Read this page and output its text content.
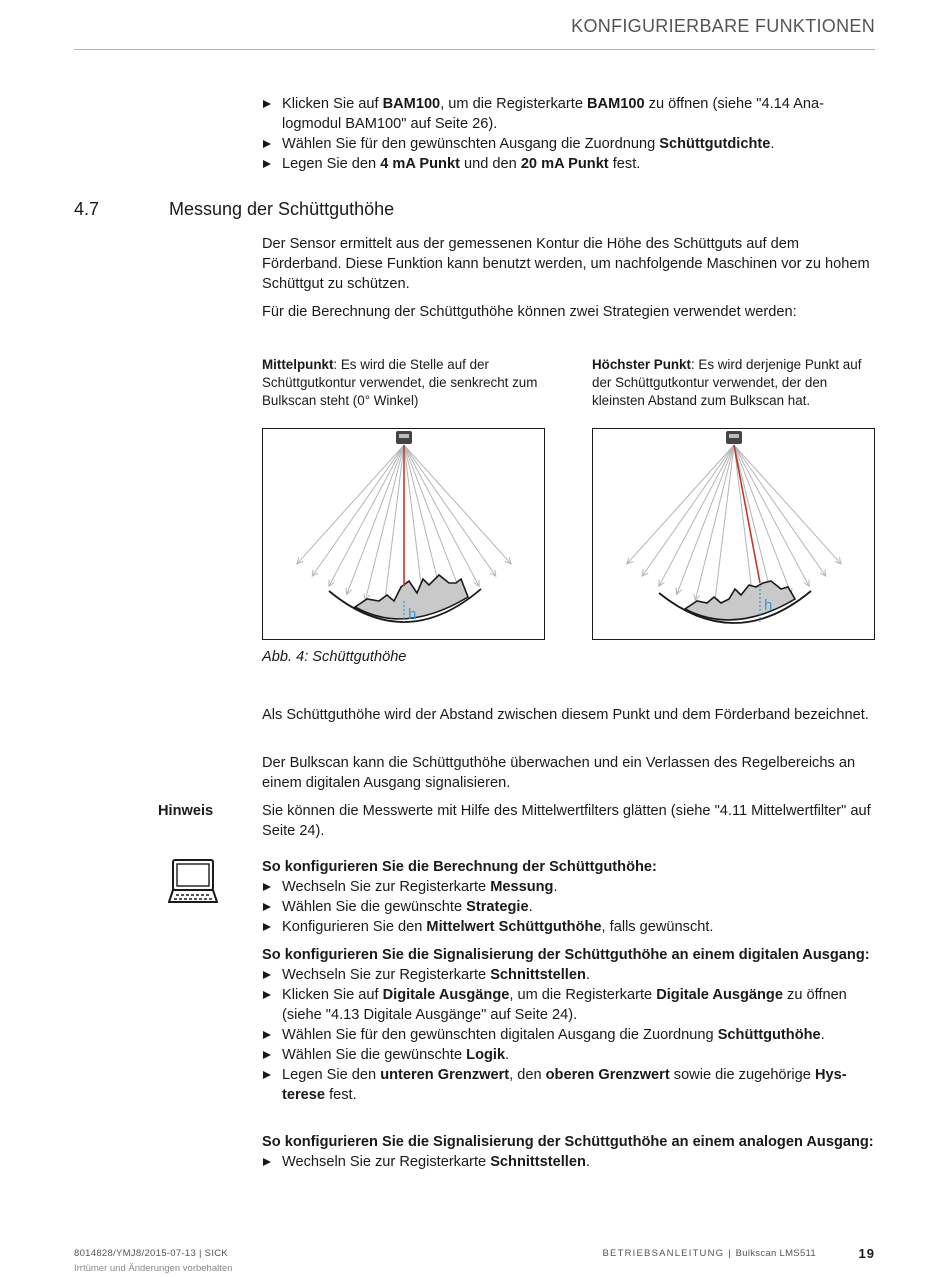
KONFIGURIERBARE FUNKTIONEN
Klicken Sie auf BAM100, um die Registerkarte BAM100 zu öffnen (siehe "4.14 Analogmodul BAM100" auf Seite 26).
Wählen Sie für den gewünschten Ausgang die Zuordnung Schüttgutdichte.
Legen Sie den 4 mA Punkt und den 20 mA Punkt fest.
4.7	Messung der Schüttguthöhe
Der Sensor ermittelt aus der gemessenen Kontur die Höhe des Schüttguts auf dem Förderband. Diese Funktion kann benutzt werden, um nachfolgende Maschinen vor zu hohem Schüttgut zu schützen.
Für die Berechnung der Schüttguthöhe können zwei Strategien verwendet werden:
Mittelpunkt: Es wird die Stelle auf der Schüttgutkontur verwendet, die senkrecht zum Bulkscan steht (0° Winkel)
Höchster Punkt: Es wird derjenige Punkt auf der Schüttgutkontur verwendet, der den kleinsten Abstand zum Bulkscan hat.
h
h
Abb. 4: Schüttguthöhe
Als Schüttguthöhe wird der Abstand zwischen diesem Punkt und dem Förderband bezeichnet.
Der Bulkscan kann die Schüttguthöhe überwachen und ein Verlassen des Regelbereichs an einem digitalen Ausgang signalisieren.
Hinweis	Sie können die Messwerte mit Hilfe des Mittelwertfilters glätten (siehe "4.11 Mittelwertfilter" auf Seite 24).
So konfigurieren Sie die Berechnung der Schüttguthöhe:
Wechseln Sie zur Registerkarte Messung.
Wählen Sie die gewünschte Strategie.
Konfigurieren Sie den Mittelwert Schüttguthöhe, falls gewünscht.
So konfigurieren Sie die Signalisierung der Schüttguthöhe an einem digitalen Ausgang:
Wechseln Sie zur Registerkarte Schnittstellen.
Klicken Sie auf Digitale Ausgänge, um die Registerkarte Digitale Ausgänge zu öffnen (siehe "4.13 Digitale Ausgänge" auf Seite 24).
Wählen Sie für den gewünschten digitalen Ausgang die Zuordnung Schüttguthöhe.
Wählen Sie die gewünschte Logik.
Legen Sie den unteren Grenzwert, den oberen Grenzwert sowie die zugehörige Hysterese fest.
So konfigurieren Sie die Signalisierung der Schüttguthöhe an einem analogen Ausgang:
Wechseln Sie zur Registerkarte Schnittstellen.
8014828/YMJ8/2015-07-13 | SICK
Irrtümer und Änderungen vorbehalten
BETRIEBSANLEITUNG | Bulkscan LMS511	19
